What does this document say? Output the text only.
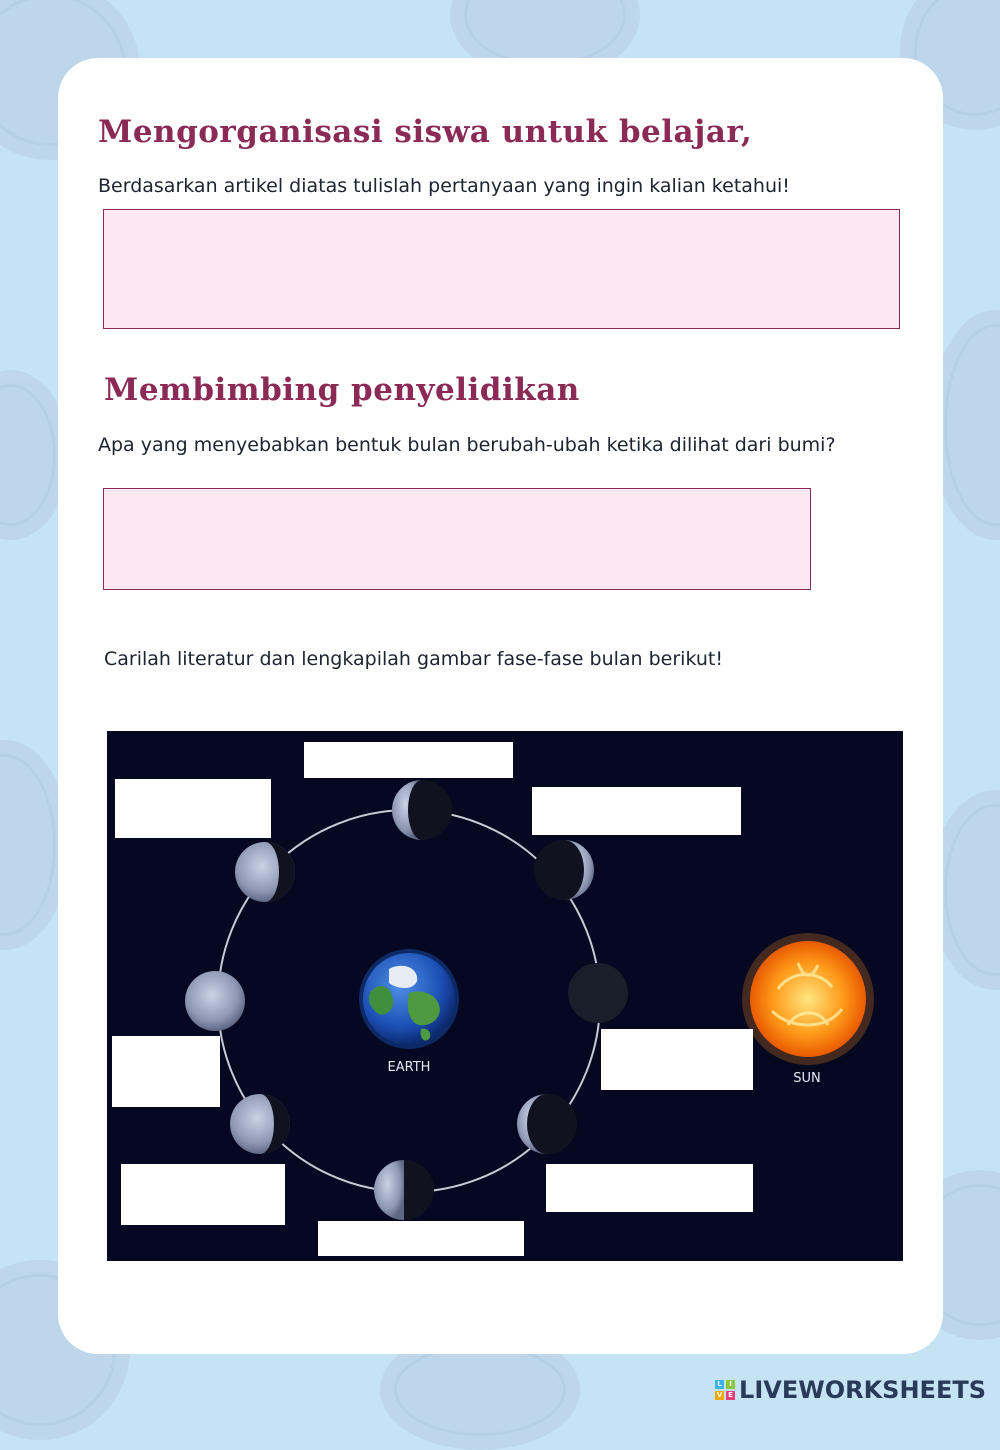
Mengorganisasi siswa untuk belajar,

Berdasarkan artikel diatas tulislah pertanyaan yang ingin kalian ketahui!

Membimbing penyelidikan

Apa yang menyebabkan bentuk bulan berubah-ubah ketika dilihat dari bumi?

Carilah literatur dan lengkapilah gambar fase-fase bulan berikut!

EARTH
SUN
L	I
V E LIVEWORKSHEETS
